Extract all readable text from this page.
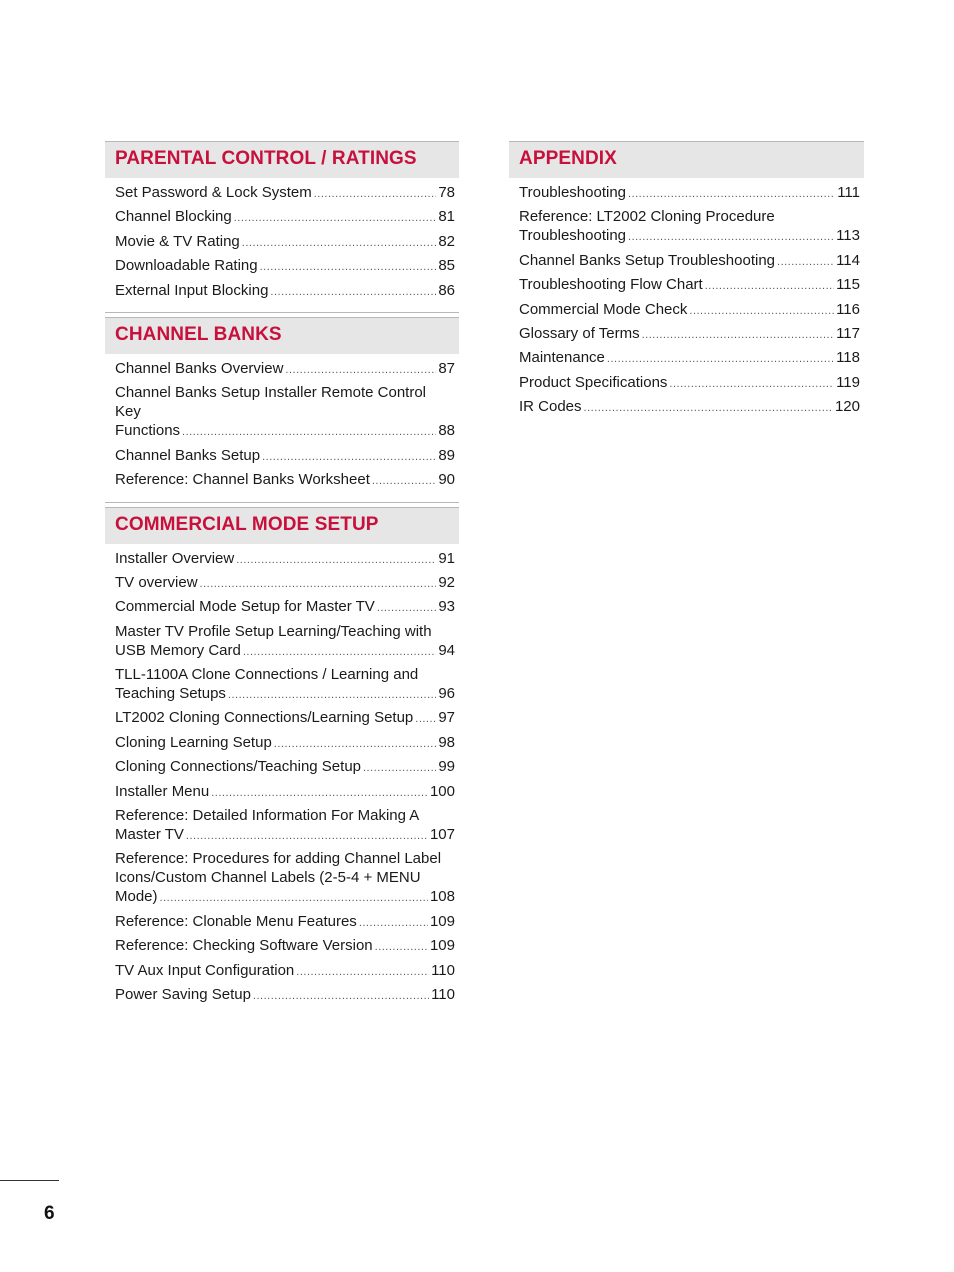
PARENTAL CONTROL / RATINGS
Set Password & Lock System .....	78
Channel Blocking .....	81
Movie & TV Rating .....	82
Downloadable Rating .....	85
External Input Blocking .....	86
CHANNEL BANKS
Channel Banks Overview .....	87
Channel Banks Setup Installer Remote Control Key
Functions .....	88
Channel Banks Setup .....	89
Reference: Channel Banks Worksheet .....	90
COMMERCIAL MODE SETUP
Installer Overview .....	91
TV overview .....	92
Commercial Mode Setup for Master TV .....	93
Master TV Profile Setup Learning/Teaching with
USB Memory Card .....	94
TLL-1100A Clone Connections / Learning and
Teaching Setups .....	96
LT2002 Cloning Connections/Learning Setup ..... 97
Cloning Learning Setup .....	98
Cloning Connections/Teaching Setup .....	99
Installer Menu .....	100
Reference: Detailed Information For Making A
Master TV .....	107
Reference: Procedures for adding Channel Label
Icons/Custom Channel Labels (2-5-4 + MENU
Mode) .....	108
Reference: Clonable Menu Features .....	109
Reference: Checking Software Version .....	109
TV Aux Input Configuration .....	110
Power Saving Setup .....	110
APPENDIX
Troubleshooting .....	111
Reference: LT2002 Cloning Procedure
Troubleshooting .....	113
Channel Banks Setup Troubleshooting .....	114
Troubleshooting Flow Chart .....	115
Commercial Mode Check .....	116
Glossary of Terms .....	117
Maintenance .....	118
Product Specifications .....	119
IR Codes .....	120
6
